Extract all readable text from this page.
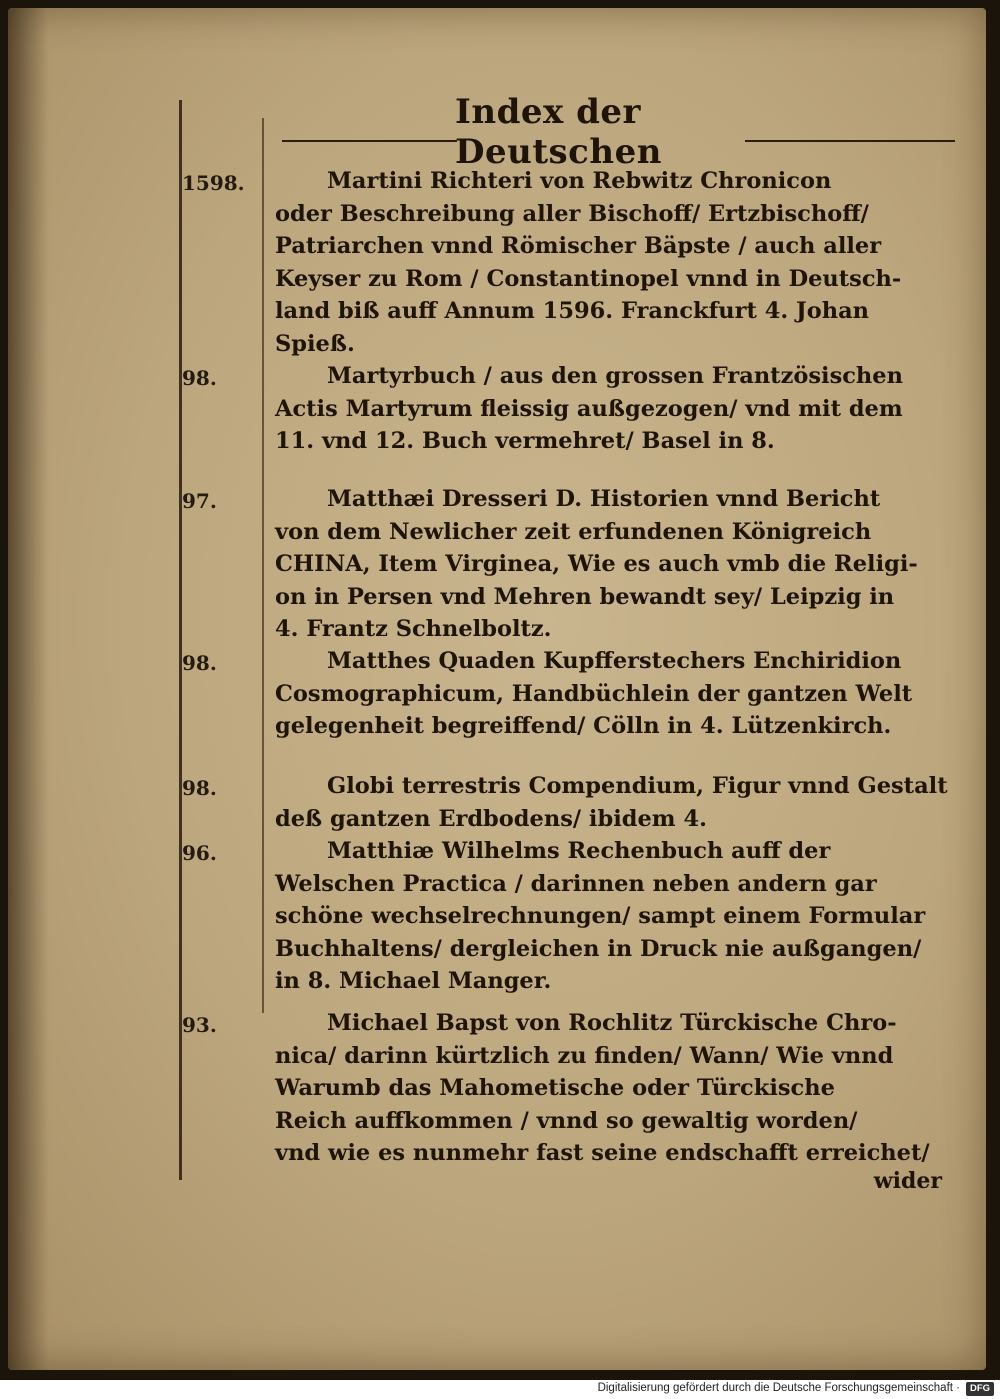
Index der Deutschen
1598.	Martini Richteri von Rebwitz Chronicon
oder Beschreibung aller Bischoff/ Ertzbischoff/
Patriarchen vnnd Römischer Bäpste / auch aller
Keyser zu Rom / Constantinopel vnnd in Deutsch-
land biß auff Annum 1596. Franckfurt 4. Johan
Spieß.
98.	Martyrbuch / aus den grossen Frantzösischen
Actis Martyrum fleissig außgezogen/ vnd mit dem
11. vnd 12. Buch vermehret/ Basel in 8.
97.	Matthæi Dresseri D. Historien vnnd Bericht
von dem Newlicher zeit erfundenen Königreich
CHINA, Item Virginea, Wie es auch vmb die Religi-
on in Persen vnd Mehren bewandt sey/ Leipzig in
4. Frantz Schnelboltz.
98.	Matthes Quaden Kupfferstechers Enchiridion
Cosmographicum, Handbüchlein der gantzen Welt
gelegenheit begreiffend/ Cölln in 4. Lützenkirch.
98.	Globi terrestris Compendium, Figur vnnd Gestalt
deß gantzen Erdbodens/ ibidem 4.
96.	Matthiæ Wilhelms Rechenbuch auff der
Welschen Practica / darinnen neben andern gar
schöne wechselrechnungen/ sampt einem Formular
Buchhaltens/ dergleichen in Druck nie außgangen/
in 8. Michael Manger.
93.	Michael Bapst von Rochlitz Türckische Chro-
nica/ darinn kürtzlich zu finden/ Wann/ Wie vnnd
Warumb das Mahometische oder Türckische
Reich auffkommen / vnnd so gewaltig worden/
vnd wie es nunmehr fast seine endschafft erreichet/
wider
Digitalisierung gefördert durch die Deutsche Forschungsgemeinschaft ·	DFG
